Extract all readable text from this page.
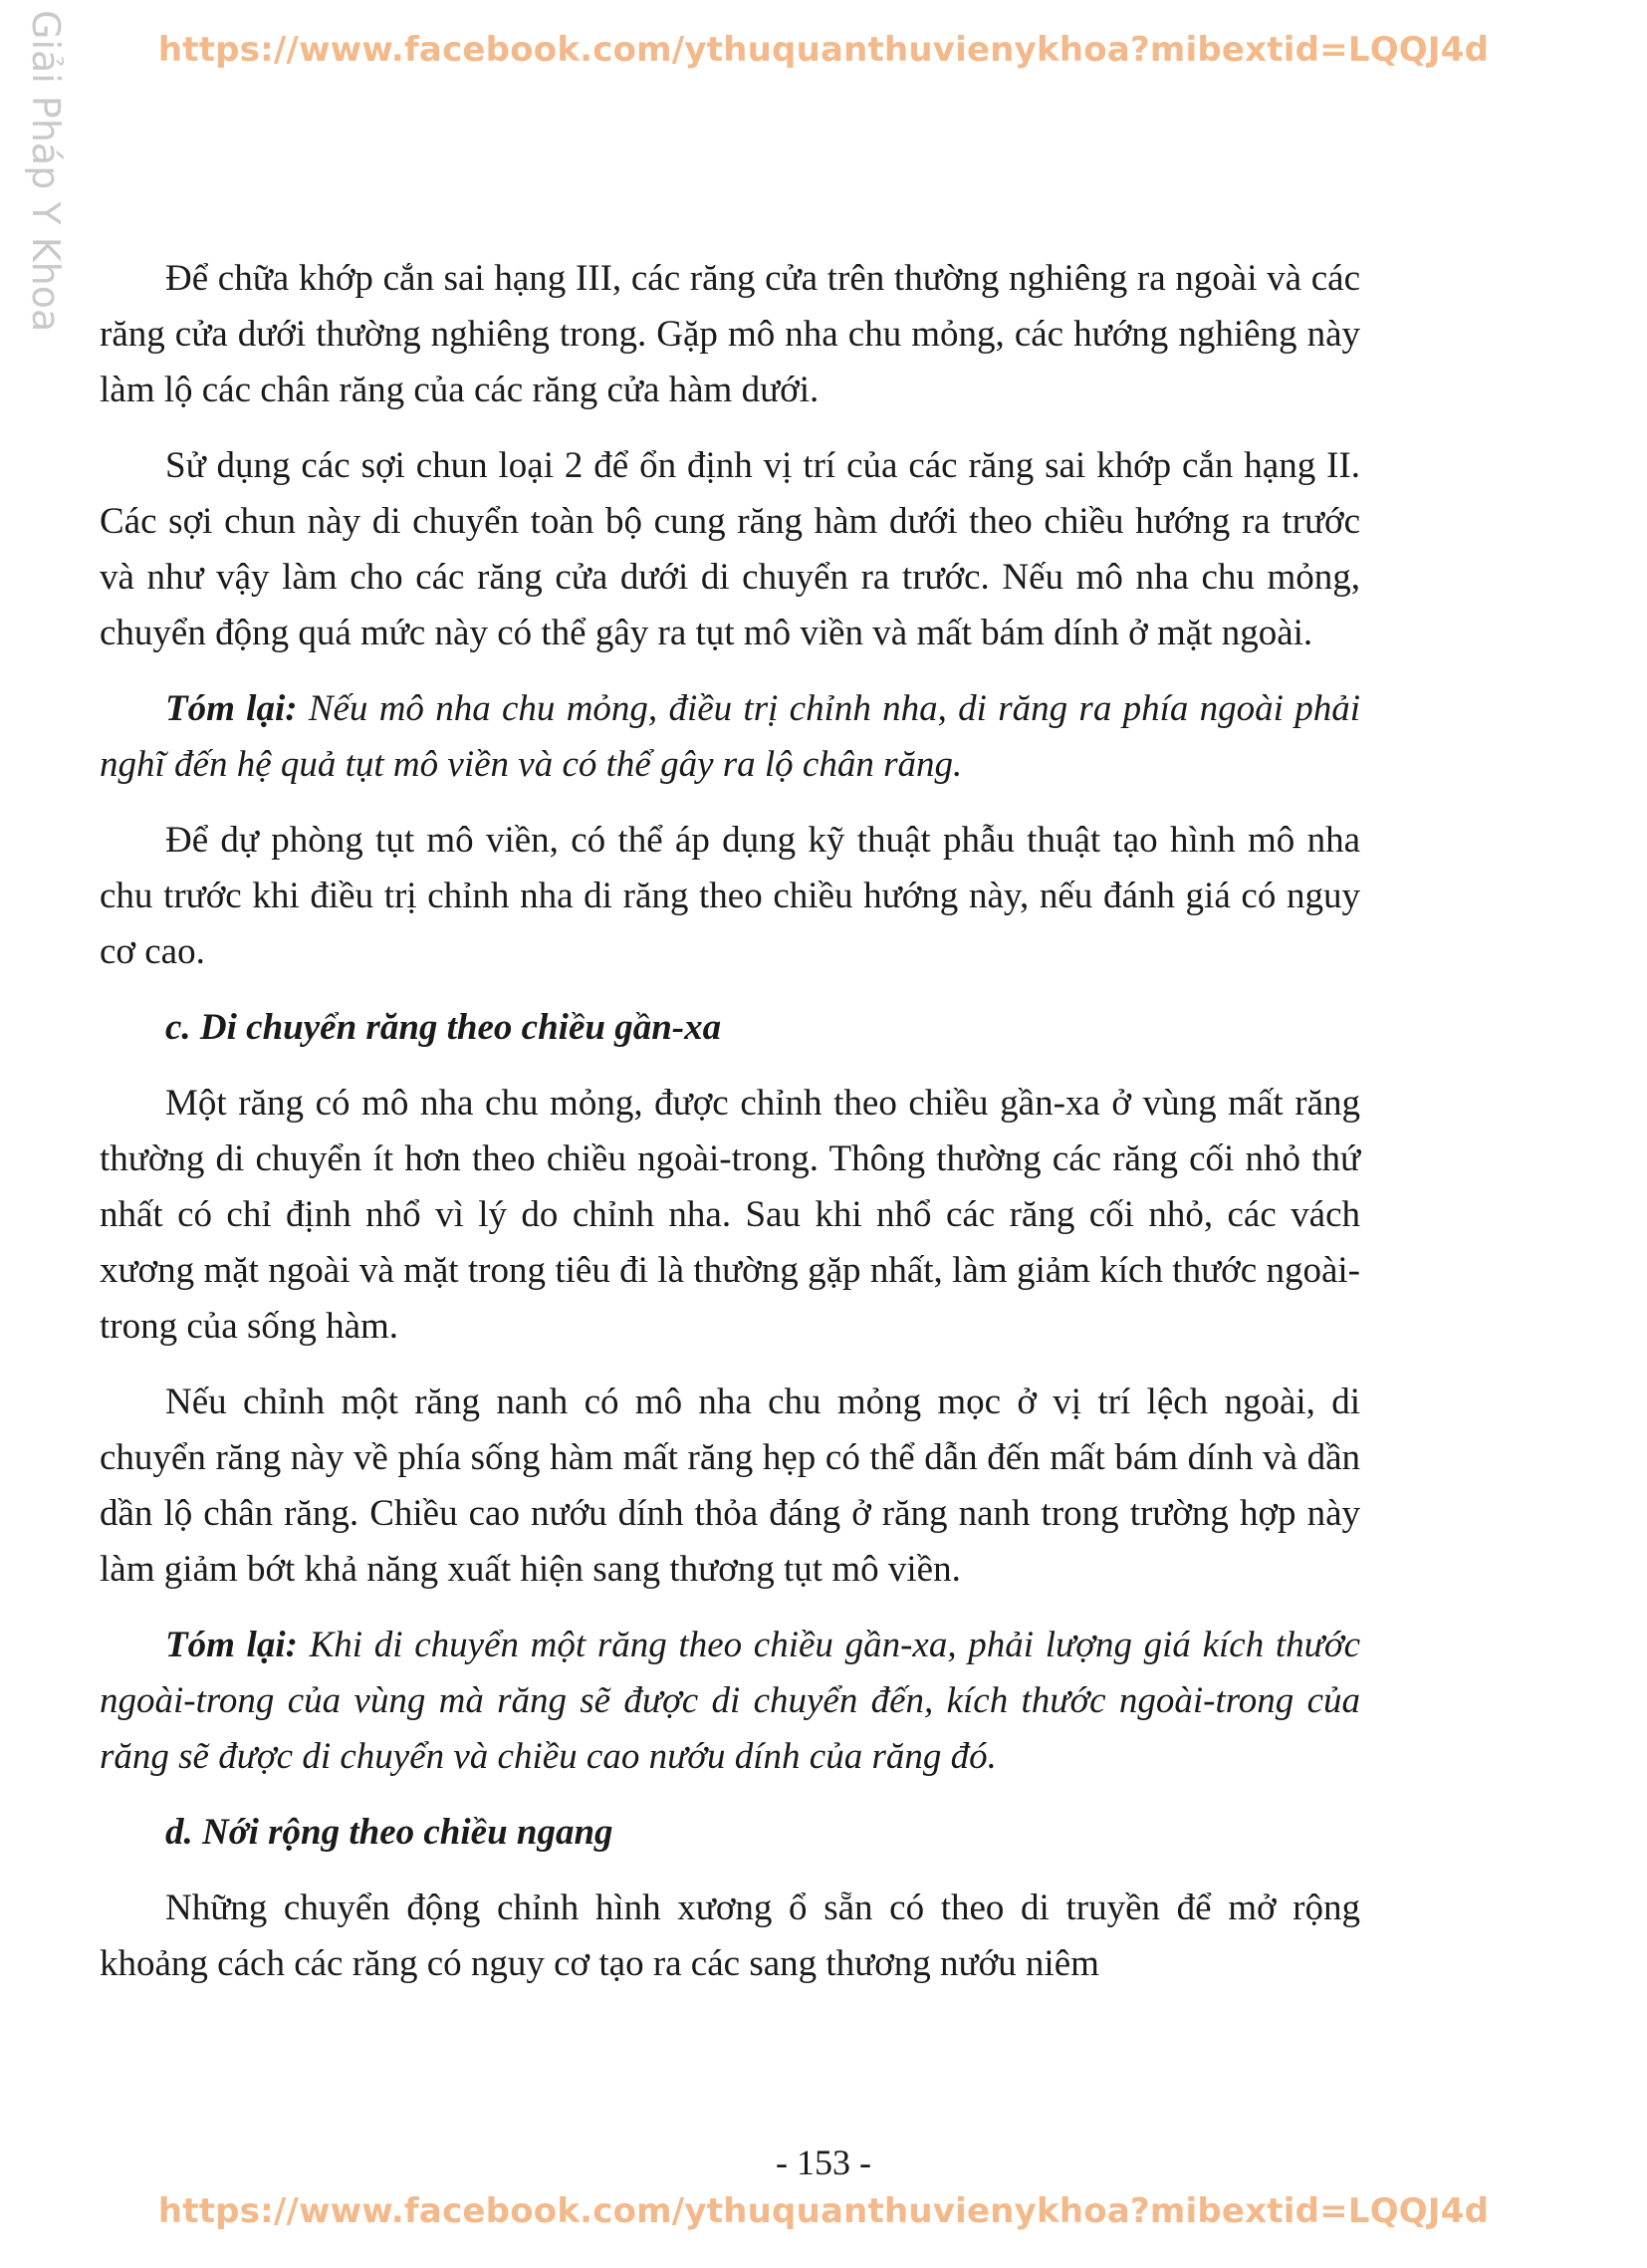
https://www.facebook.com/ythuquanthuvienykhoa?mibextid=LQQJ4d
Giải Pháp Y Khoa	Để chữa khớp cắn sai hạng III, các răng cửa trên thường nghiêng ra ngoài và các răng cửa dưới thường nghiêng trong. Gặp mô nha chu mỏng, các hướng nghiêng này làm lộ các chân răng của các răng cửa hàm dưới.

Sử dụng các sợi chun loại 2 để ổn định vị trí của các răng sai khớp cắn hạng II. Các sợi chun này di chuyển toàn bộ cung răng hàm dưới theo chiều hướng ra trước và như vậy làm cho các răng cửa dưới di chuyển ra trước. Nếu mô nha chu mỏng, chuyển động quá mức này có thể gây ra tụt mô viền và mất bám dính ở mặt ngoài.

Tóm lại: Nếu mô nha chu mỏng, điều trị chỉnh nha, di răng ra phía ngoài phải nghĩ đến hệ quả tụt mô viền và có thể gây ra lộ chân răng.

Để dự phòng tụt mô viền, có thể áp dụng kỹ thuật phẫu thuật tạo hình mô nha chu trước khi điều trị chỉnh nha di răng theo chiều hướng này, nếu đánh giá có nguy cơ cao.

c. Di chuyển răng theo chiều gần-xa

Một răng có mô nha chu mỏng, được chỉnh theo chiều gần-xa ở vùng mất răng thường di chuyển ít hơn theo chiều ngoài-trong. Thông thường các răng cối nhỏ thứ nhất có chỉ định nhổ vì lý do chỉnh nha. Sau khi nhổ các răng cối nhỏ, các vách xương mặt ngoài và mặt trong tiêu đi là thường gặp nhất, làm giảm kích thước ngoài-trong của sống hàm.

Nếu chỉnh một răng nanh có mô nha chu mỏng mọc ở vị trí lệch ngoài, di chuyển răng này về phía sống hàm mất răng hẹp có thể dẫn đến mất bám dính và dần dần lộ chân răng. Chiều cao nướu dính thỏa đáng ở răng nanh trong trường hợp này làm giảm bớt khả năng xuất hiện sang thương tụt mô viền.

Tóm lại: Khi di chuyển một răng theo chiều gần-xa, phải lượng giá kích thước ngoài-trong của vùng mà răng sẽ được di chuyển đến, kích thước ngoài-trong của răng sẽ được di chuyển và chiều cao nướu dính của răng đó.

d. Nới rộng theo chiều ngang

Những chuyển động chỉnh hình xương ổ sẵn có theo di truyền để mở rộng khoảng cách các răng có nguy cơ tạo ra các sang thương nướu niêm

- 153 -
https://www.facebook.com/ythuquanthuvienykhoa?mibextid=LQQJ4d
